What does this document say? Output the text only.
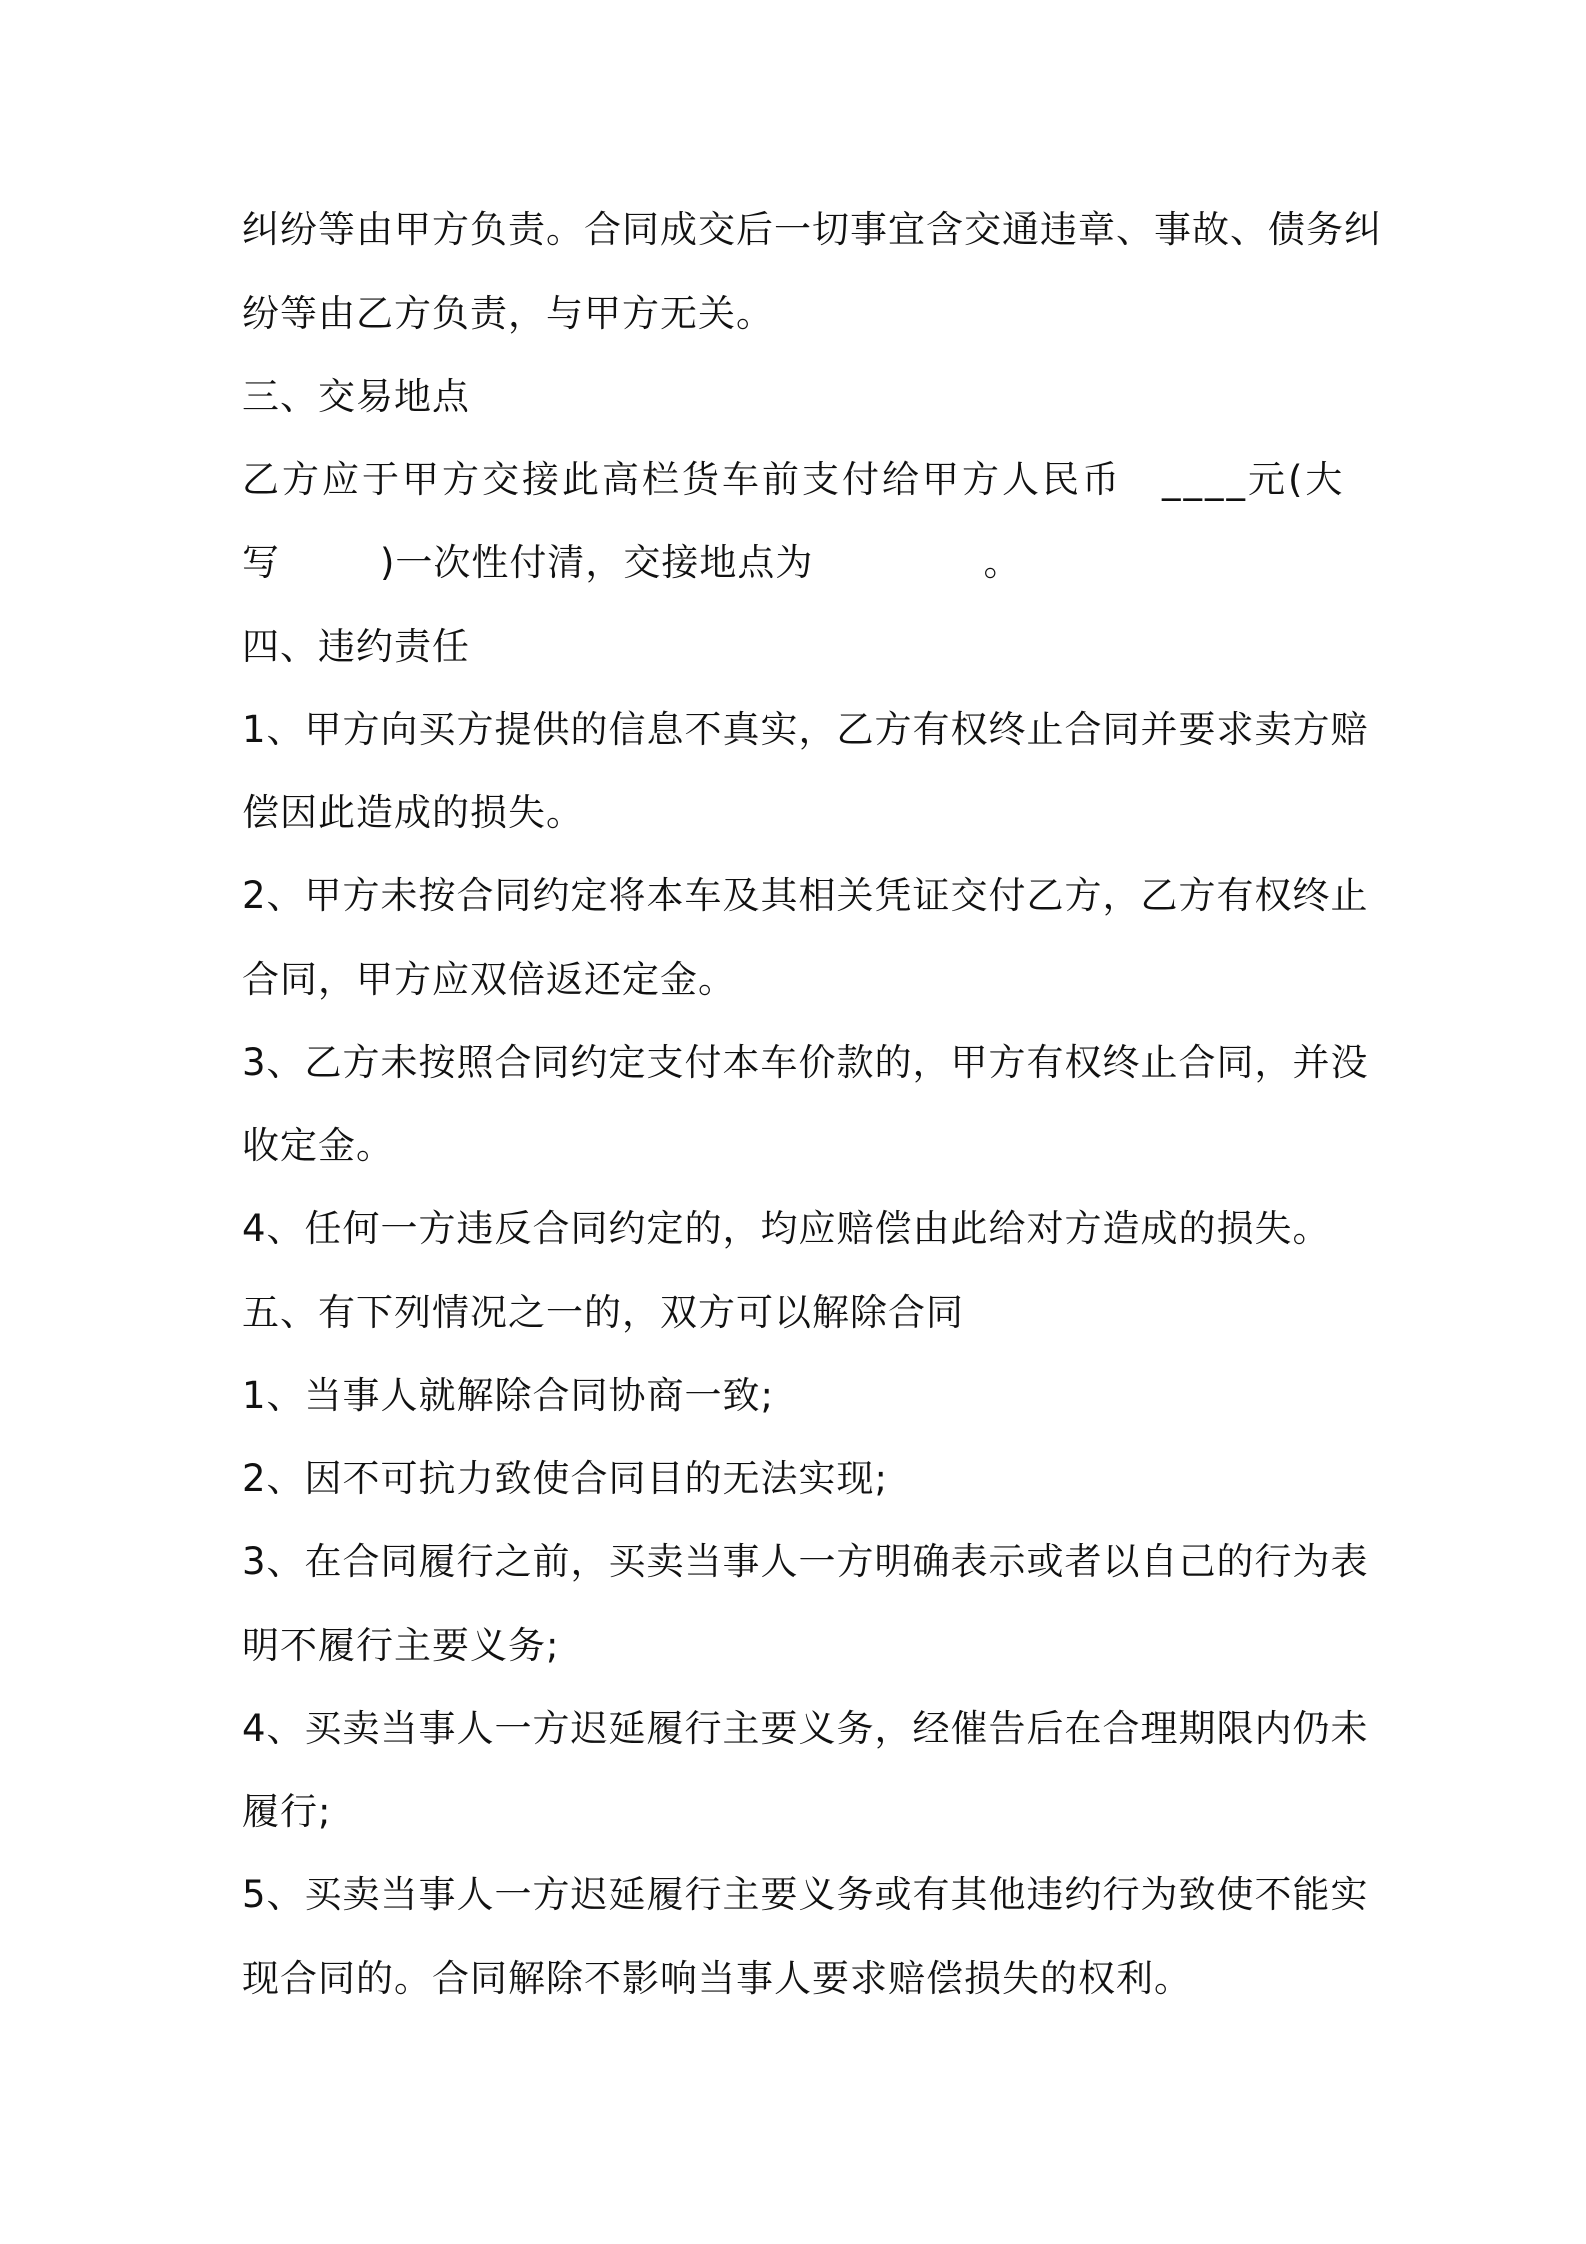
纠纷等由甲方负责。合同成交后一切事宜含交通违章、事故、债务纠
纷等由乙方负责，与甲方无关。
三、交易地点
乙方应于甲方交接此高栏货车前支付给甲方人民币 ____元(大
写	)一次性付清，交接地点为	。
四、违约责任
1、甲方向买方提供的信息不真实，乙方有权终止合同并要求卖方赔
偿因此造成的损失。
2、甲方未按合同约定将本车及其相关凭证交付乙方，乙方有权终止
合同，甲方应双倍返还定金。
3、乙方未按照合同约定支付本车价款的，甲方有权终止合同，并没
收定金。
4、任何一方违反合同约定的，均应赔偿由此给对方造成的损失。
五、有下列情况之一的，双方可以解除合同
1、当事人就解除合同协商一致;
2、因不可抗力致使合同目的无法实现;
3、在合同履行之前，买卖当事人一方明确表示或者以自己的行为表
明不履行主要义务;
4、买卖当事人一方迟延履行主要义务，经催告后在合理期限内仍未
履行;
5、买卖当事人一方迟延履行主要义务或有其他违约行为致使不能实
现合同的。合同解除不影响当事人要求赔偿损失的权利。
